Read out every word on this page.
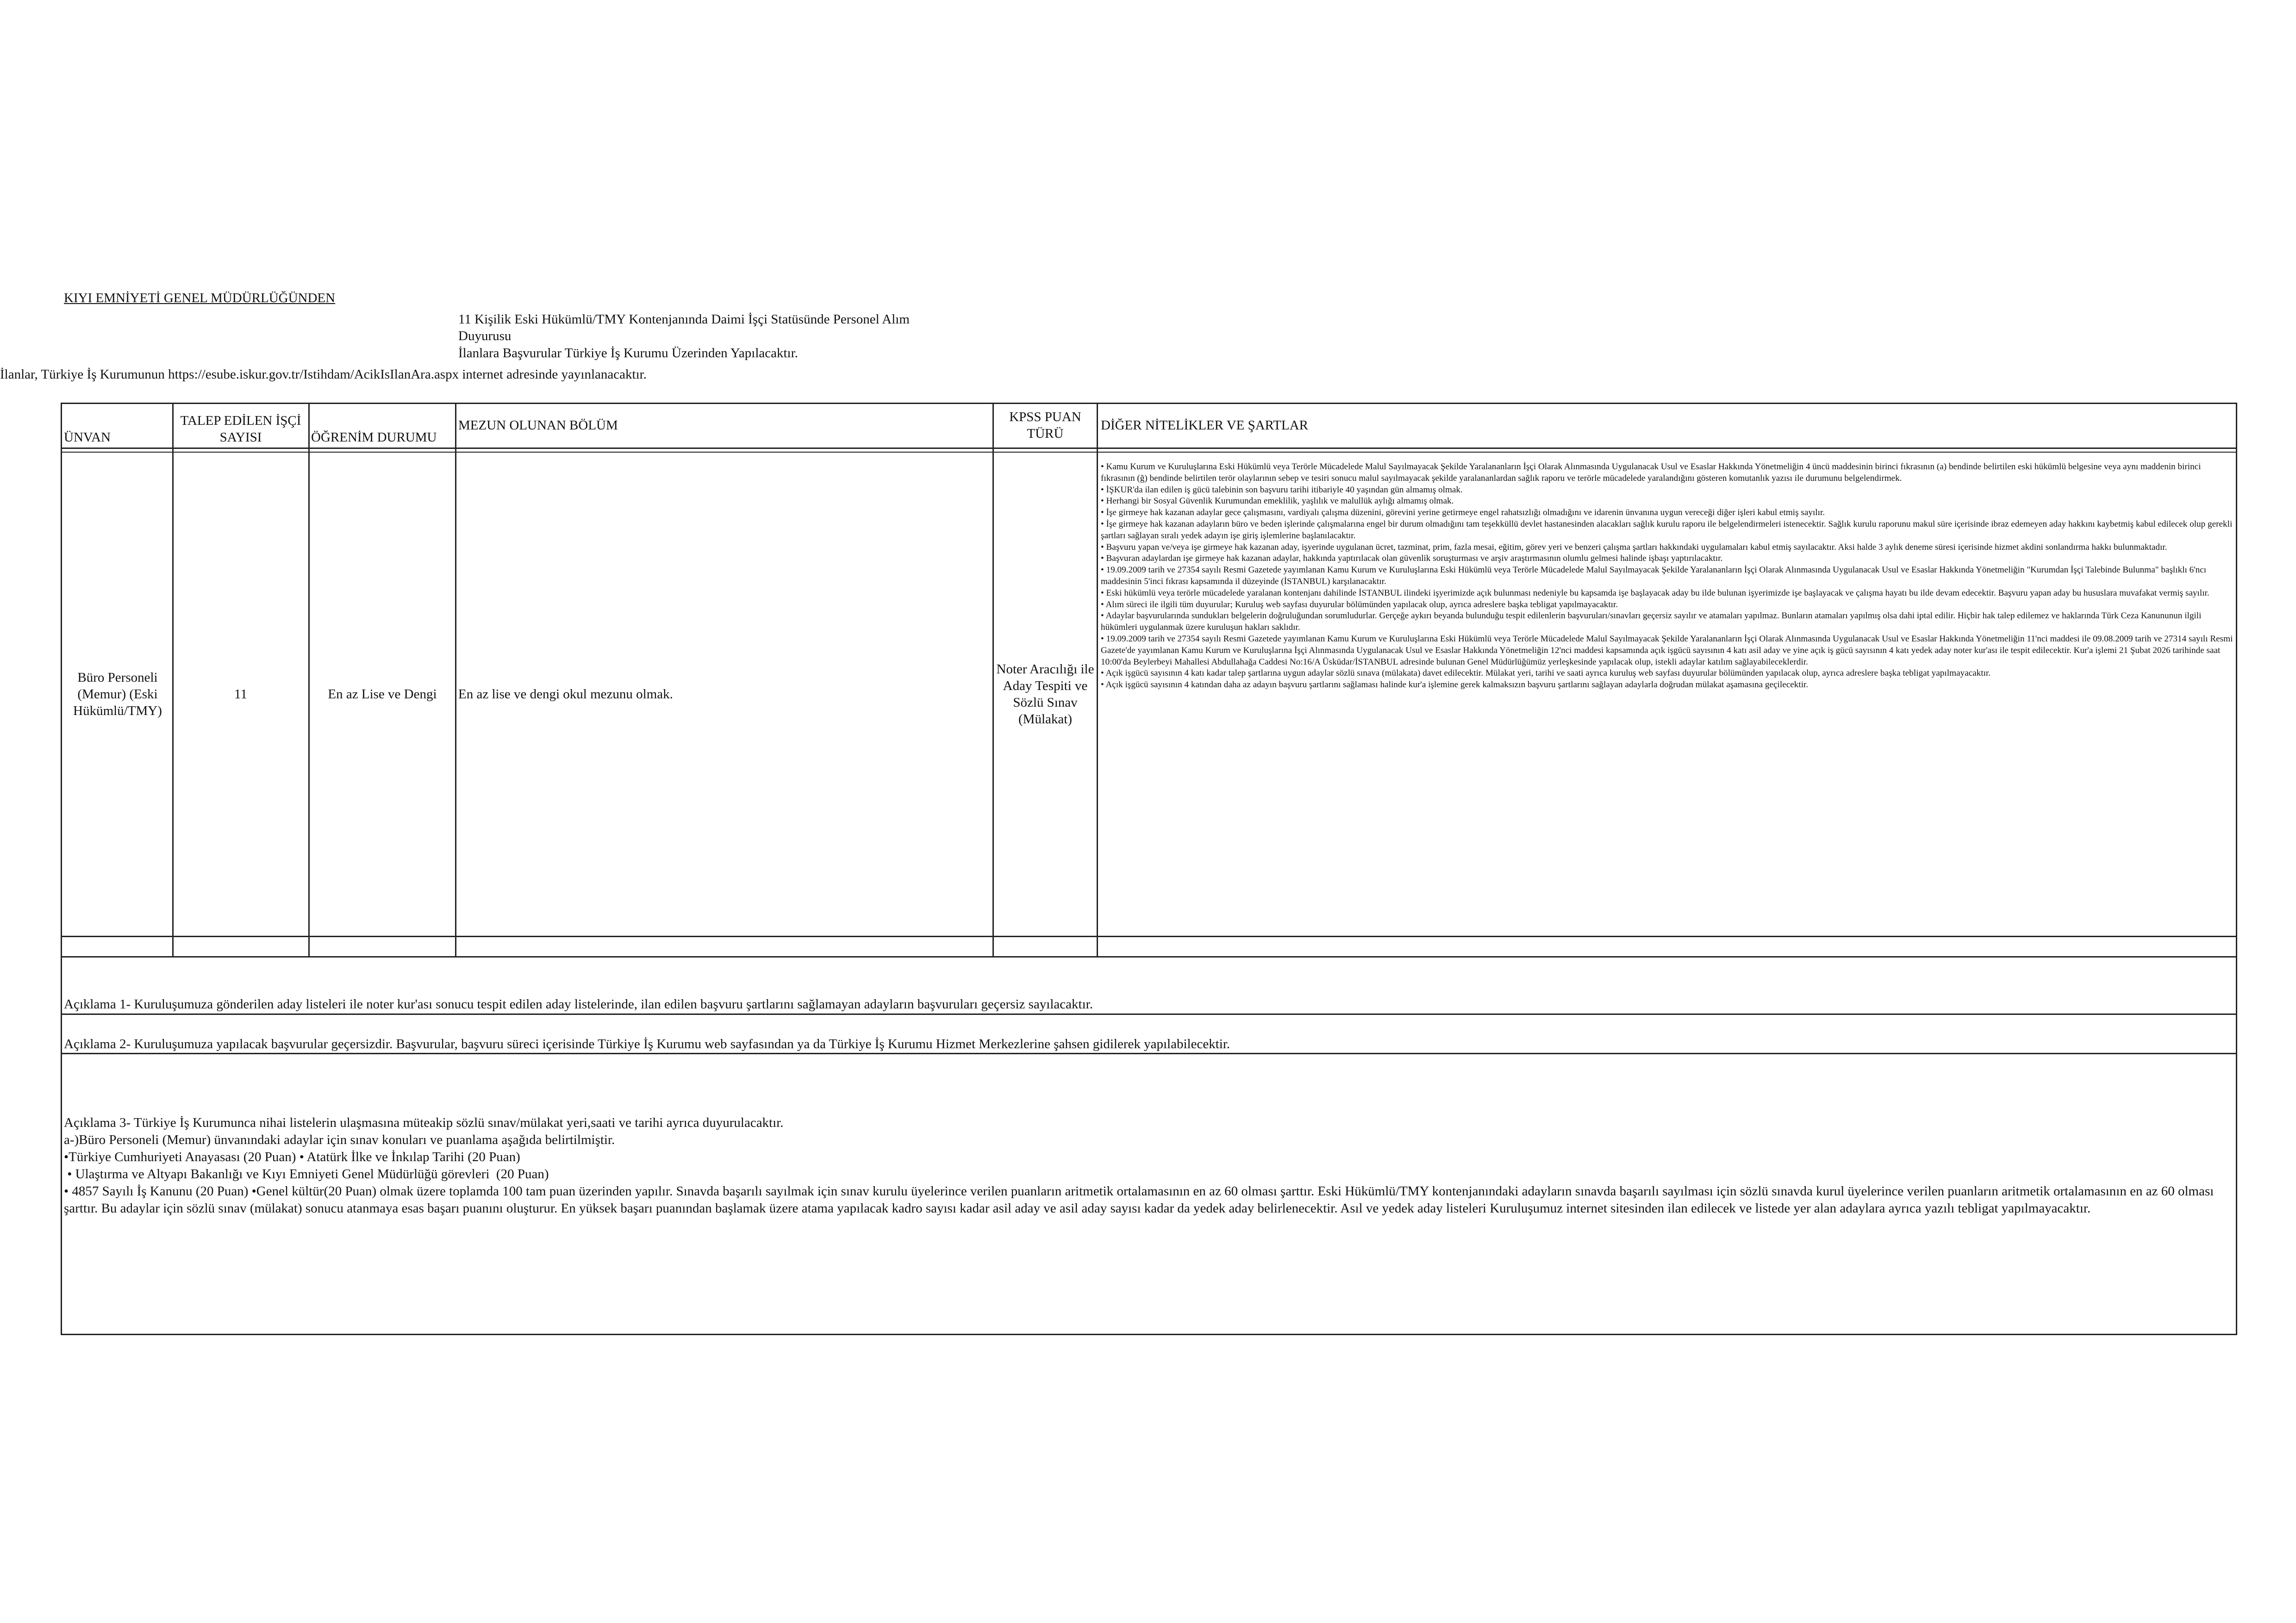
KIYI EMNİYETİ GENEL MÜDÜRLÜĞÜNDEN
11 Kişilik Eski Hükümlü/TMY Kontenjanında Daimi İşçi Statüsünde Personel Alım
Duyurusu
İlanlara Başvurular Türkiye İş Kurumu Üzerinden Yapılacaktır.
İlanlar, Türkiye İş Kurumunun https://esube.iskur.gov.tr/Istihdam/AcikIsIlanAra.aspx internet adresinde yayınlanacaktır.
ÜNVAN
TALEP EDİLEN İŞÇİ SAYISI	ÖĞRENİM DURUMU
MEZUN OLUNAN BÖLÜM
KPSS PUAN TÜRÜ
DİĞER NİTELİKLER VE ŞARTLAR
Büro Personeli (Memur) (Eski Hükümlü/TMY)
11	En az Lise ve Dengi En az lise ve dengi okul mezunu olmak.
Noter Aracılığı ile Aday Tespiti ve Sözlü Sınav (Mülakat)
• Kamu Kurum ve Kuruluşlarına Eski Hükümlü veya Terörle Mücadelede Malul Sayılmayacak Şekilde Yaralananların İşçi Olarak Alınmasında Uygulanacak Usul ve Esaslar Hakkında Yönetmeliğin 4 üncü maddesinin birinci fıkrasının (a) bendinde belirtilen eski hükümlü belgesine veya aynı maddenin birinci fıkrasının (ğ) bendinde belirtilen terör olaylarının sebep ve tesiri sonucu malul sayılmayacak şekilde yaralananlardan sağlık raporu ve terörle mücadelede yaralandığını gösteren komutanlık yazısı ile durumunu belgelendirmek.
• İŞKUR'da ilan edilen iş gücü talebinin son başvuru tarihi itibariyle 40 yaşından gün almamış olmak.
• Herhangi bir Sosyal Güvenlik Kurumundan emeklilik, yaşlılık ve malullük aylığı almamış olmak.
• İşe girmeye hak kazanan adaylar gece çalışmasını, vardiyalı çalışma düzenini, görevini yerine getirmeye engel rahatsızlığı olmadığını ve idarenin ünvanına uygun vereceği diğer işleri kabul etmiş sayılır.
• İşe girmeye hak kazanan adayların büro ve beden işlerinde çalışmalarına engel bir durum olmadığını tam teşekküllü devlet hastanesinden alacakları sağlık kurulu raporu ile belgelendirmeleri istenecektir. Sağlık kurulu raporunu makul süre içerisinde ibraz edemeyen aday hakkını kaybetmiş kabul edilecek olup gerekli şartları sağlayan sıralı yedek adayın işe giriş işlemlerine başlanılacaktır.
• Başvuru yapan ve/veya işe girmeye hak kazanan aday, işyerinde uygulanan ücret, tazminat, prim, fazla mesai, eğitim, görev yeri ve benzeri çalışma şartları hakkındaki uygulamaları kabul etmiş sayılacaktır. Aksi halde 3 aylık deneme süresi içerisinde hizmet akdini sonlandırma hakkı bulunmaktadır.
• Başvuran adaylardan işe girmeye hak kazanan adaylar, hakkında yaptırılacak olan güvenlik soruşturması ve arşiv araştırmasının olumlu gelmesi halinde işbaşı yaptırılacaktır.
• 19.09.2009 tarih ve 27354 sayılı Resmi Gazetede yayımlanan Kamu Kurum ve Kuruluşlarına Eski Hükümlü veya Terörle Mücadelede Malul Sayılmayacak Şekilde Yaralananların İşçi Olarak Alınmasında Uygulanacak Usul ve Esaslar Hakkında Yönetmeliğin "Kurumdan İşçi Talebinde Bulunma" başlıklı 6'ncı maddesinin 5'inci fıkrası kapsamında il düzeyinde (İSTANBUL) karşılanacaktır.
• Eski hükümlü veya terörle mücadelede yaralanan kontenjanı dahilinde İSTANBUL ilindeki işyerimizde açık bulunması nedeniyle bu kapsamda işe başlayacak aday bu ilde bulunan işyerimizde işe başlayacak ve çalışma hayatı bu ilde devam edecektir. Başvuru yapan aday bu hususlara muvafakat vermiş sayılır.
• Alım süreci ile ilgili tüm duyurular; Kuruluş web sayfası duyurular bölümünden yapılacak olup, ayrıca adreslere başka tebligat yapılmayacaktır.
• Adaylar başvurularında sundukları belgelerin doğruluğundan sorumludurlar. Gerçeğe aykırı beyanda bulunduğu tespit edilenlerin başvuruları/sınavları geçersiz sayılır ve atamaları yapılmaz. Bunların atamaları yapılmış olsa dahi iptal edilir. Hiçbir hak talep edilemez ve haklarında Türk Ceza Kanununun ilgili hükümleri uygulanmak üzere kuruluşun hakları saklıdır.
• 19.09.2009 tarih ve 27354 sayılı Resmi Gazetede yayımlanan Kamu Kurum ve Kuruluşlarına Eski Hükümlü veya Terörle Mücadelede Malul Sayılmayacak Şekilde Yaralananların İşçi Olarak Alınmasında Uygulanacak Usul ve Esaslar Hakkında Yönetmeliğin 11'nci maddesi ile 09.08.2009 tarih ve 27314 sayılı Resmi Gazete'de yayımlanan Kamu Kurum ve Kuruluşlarına İşçi Alınmasında Uygulanacak Usul ve Esaslar Hakkında Yönetmeliğin 12'nci maddesi kapsamında açık işgücü sayısının 4 katı asil aday ve yine açık iş gücü sayısının 4 katı yedek aday noter kur'ası ile tespit edilecektir. Kur'a işlemi 21 Şubat 2026 tarihinde saat 10:00'da Beylerbeyi Mahallesi Abdullahağa Caddesi No:16/A Üsküdar/İSTANBUL adresinde bulunan Genel Müdürlüğümüz yerleşkesinde yapılacak olup, istekli adaylar katılım sağlayabileceklerdir.
• Açık işgücü sayısının 4 katı kadar talep şartlarına uygun adaylar sözlü sınava (mülakata) davet edilecektir. Mülakat yeri, tarihi ve saati ayrıca kuruluş web sayfası duyurular bölümünden yapılacak olup, ayrıca adreslere başka tebligat yapılmayacaktır.
• Açık işgücü sayısının 4 katından daha az adayın başvuru şartlarını sağlaması halinde kur'a işlemine gerek kalmaksızın başvuru şartlarını sağlayan adaylarla doğrudan mülakat aşamasına geçilecektir.
Açıklama 1- Kuruluşumuza gönderilen aday listeleri ile noter kur'ası sonucu tespit edilen aday listelerinde, ilan edilen başvuru şartlarını sağlamayan adayların başvuruları geçersiz sayılacaktır.
Açıklama 2- Kuruluşumuza yapılacak başvurular geçersizdir. Başvurular, başvuru süreci içerisinde Türkiye İş Kurumu web sayfasından ya da Türkiye İş Kurumu Hizmet Merkezlerine şahsen gidilerek yapılabilecektir.
Açıklama 3- Türkiye İş Kurumunca nihai listelerin ulaşmasına müteakip sözlü sınav/mülakat yeri,saati ve tarihi ayrıca duyurulacaktır.
a-)Büro Personeli (Memur) ünvanındaki adaylar için sınav konuları ve puanlama aşağıda belirtilmiştir.
•Türkiye Cumhuriyeti Anayasası (20 Puan) • Atatürk İlke ve İnkılap Tarihi (20 Puan)
• Ulaştırma ve Altyapı Bakanlığı ve Kıyı Emniyeti Genel Müdürlüğü görevleri  (20 Puan)
• 4857 Sayılı İş Kanunu (20 Puan) •Genel kültür(20 Puan) olmak üzere toplamda 100 tam puan üzerinden yapılır. Sınavda başarılı sayılmak için sınav kurulu üyelerince verilen puanların aritmetik ortalamasının en az 60 olması şarttır. Eski Hükümlü/TMY kontenjanındaki adayların sınavda başarılı sayılması için sözlü sınavda kurul üyelerince verilen puanların aritmetik ortalamasının en az 60 olması şarttır. Bu adaylar için sözlü sınav (mülakat) sonucu atanmaya esas başarı puanını oluşturur. En yüksek başarı puanından başlamak üzere atama yapılacak kadro sayısı kadar asil aday ve asil aday sayısı kadar da yedek aday belirlenecektir. Asıl ve yedek aday listeleri Kuruluşumuz internet sitesinden ilan edilecek ve listede yer alan adaylara ayrıca yazılı tebligat yapılmayacaktır.
